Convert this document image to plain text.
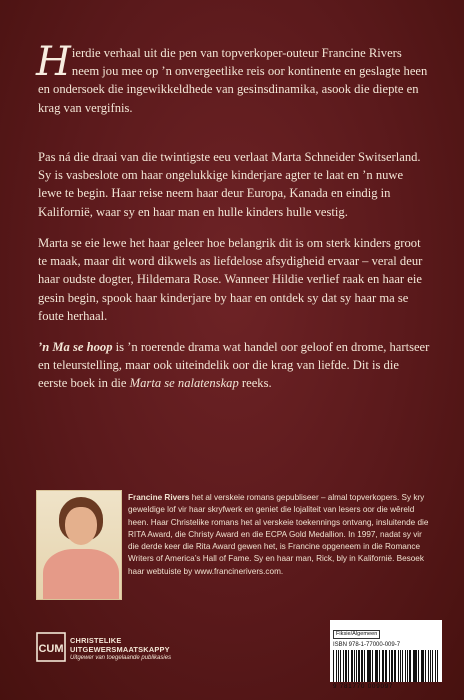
Hierdie verhaal uit die pen van topverkoper-outeur Francine Rivers neem jou mee op ’n onvergeetlike reis oor kontinente en geslagte heen en ondersoek die ingewikkeldhede van gesinsdinamika, asook die diepte en krag van vergifnis.

Pas ná die draai van die twintigste eeu verlaat Marta Schneider Switserland. Sy is vasbeslote om haar ongelukkige kinderjare agter te laat en ’n nuwe lewe te begin. Haar reise neem haar deur Europa, Kanada en eindig in Kalifornië, waar sy en haar man en hulle kinders hulle vestig.

Marta se eie lewe het haar geleer hoe belangrik dit is om sterk kinders groot te maak, maar dit word dikwels as liefdelose afsydigheid ervaar – veral deur haar oudste dogter, Hildemara Rose. Wanneer Hildie verlief raak en haar eie gesin begin, spook haar kinderjare by haar en ontdek sy dat sy haar ma se foute herhaal.

’n Ma se hoop is ’n roerende drama wat handel oor geloof en drome, hartseer en teleurstelling, maar ook uiteindelik oor die krag van liefde. Dit is die eerste boek in die Marta se nalatenskap reeks.

Francine Rivers het al verskeie romans gepubliseer – almal topverkopers. Sy kry geweldige lof vir haar skryfwerk en geniet die lojaliteit van lesers oor die wêreld heen. Haar Christelike romans het al verskeie toekennings ontvang, insluitende die RITA Award, die Christy Award en die ECPA Gold Medallion. In 1997, nadat sy vir die derde keer die Rita Award gewen het, is Francine opgeneem in die Romance Writers of America’s Hall of Fame. Sy en haar man, Rick, bly in Kalifornië. Besoek haar webtuiste by www.francinerivers.com.

CUM
CHRISTELIKE
UITGEWERSMAATSKAPPY
Uitgewer van toegelaande publikasies
Fiksie/Algemeen
ISBN 978-1-77000-009-7
9 781770 009097
